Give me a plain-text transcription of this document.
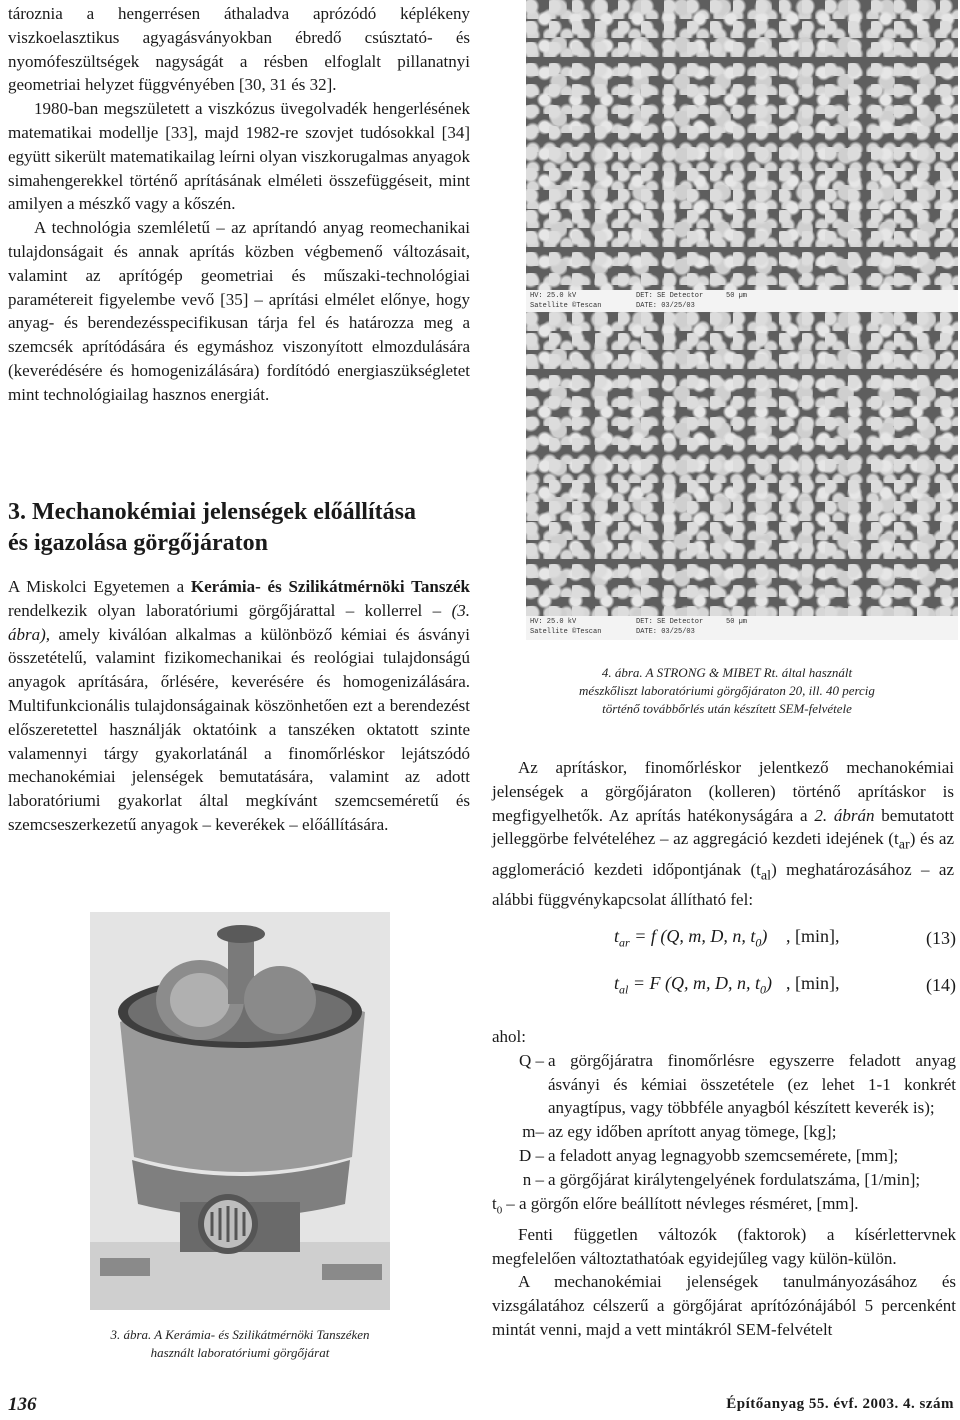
tároznia a hengerrésen áthaladva aprózódó képlékeny viszkoelasztikus agyagásványokban ébredő csúsztató- és nyomófeszültségek nagyságát a résben elfoglalt pillanatnyi geometriai helyzet függvényében [30, 31 és 32].

1980-ban megszületett a viszkózus üvegolvadék hengerlésének matematikai modellje [33], majd 1982-re szovjet tudósokkal [34] együtt sikerült matematikailag leírni olyan viszkorugalmas anyagok simahengerekkel történő aprításának elméleti összefüggéseit, mint amilyen a mészkő vagy a kőszén.

A technológia szemléletű – az aprítandó anyag reomechanikai tulajdonságait és annak aprítás közben végbemenő változásait, valamint az aprítógép geometriai és műszaki-technológiai paramétereit figyelembe vevő [35] – aprítási elmélet előnye, hogy anyag- és berendezésspecifikusan tárja fel és határozza meg a szemcsék aprítódására és egymáshoz viszonyított elmozdulására (keverédésére és homogenizálására) fordítódó energiaszükségletet mint technológiailag hasznos energiát.

3. Mechanokémiai jelenségek előállítása
és igazolása görgőjáraton

A Miskolci Egyetemen a Kerámia- és Szilikátmérnöki Tanszék rendelkezik olyan laboratóriumi görgőjárattal – kollerrel – (3. ábra), amely kiválóan alkalmas a különböző kémiai és ásványi összetételű, valamint fizikomechanikai és reológiai tulajdonságú anyagok aprítására, őrlésére, keverésére és homogenizálására. Multifunkcionális tulajdonságainak köszönhetően ezt a berendezést előszeretettel használják oktatóink a tanszéken oktatott szinte valamennyi tárgy gyakorlatánál a finomőrléskor lejátszódó mechanokémiai jelenségek bemutatására, valamint az adott laboratóriumi gyakorlat által megkívánt szemcseméretű és szemcseszerkezetű anyagok – keverékek – előállítására.

3. ábra. A Kerámia- és Szilikátmérnöki Tanszéken
használt laboratóriumi görgőjárat
HV: 25.0 kV	DET: SE Detector	50 µm
Satellite ©Tescan	DATE: 03/25/03
HV: 25.0 kV	DET: SE Detector	50 µm
Satellite ©Tescan	DATE: 03/25/03
4. ábra. A STRONG & MIBET Rt. által használt
mészkőliszt laboratóriumi görgőjáraton 20, ill. 40 percig
történő továbbőrlés után készített SEM-felvétele

Az aprításkor, finomőrléskor jelentkező mechanokémiai jelenségek a görgőjáraton (kolleren) történő aprításkor is megfigyelhetők. Az aprítás hatékonyságára a 2. ábrán bemutatott jelleggörbe felvételéhez – az aggregáció kezdeti idejének $(t_{ar})$ és az agglomeráció kezdeti időpontjának $(t_{al})$ meghatározásához – az alábbi függvénykapcsolat állítható fel:

$t_{ar} = f$ (Q, m, D, n, $t_0$) , [min],	(13)
$t_{al} = F$ (Q, m, D, n, $t_0$) , [min],	(14)

ahol:

Q – a görgőjáratra finomőrlésre egyszerre feladott anyag ásványi és kémiai összetétele (ez lehet 1-1 konkrét anyagtípus, vagy többféle anyagból készített keverék is);
m– az egy időben aprított anyag tömege, [kg];
D – a feladott anyag legnagyobb szemcsemérete, [mm];
n – a görgőjárat királytengelyének fordulatszáma, [1/min];
$t_0$ – a görgőn előre beállított névleges résméret, [mm].

Fenti független változók (faktorok) a kísérlettervnek megfelelően változtathatóak egyidejűleg vagy külön-külön.

A mechanokémiai jelenségek tanulmányozásához és vizsgálatához célszerű a görgőjárat aprítózónájából 5 percenként mintát venni, majd a vett mintákról SEM-felvételt

136	Építőanyag 55. évf. 2003. 4. szám
